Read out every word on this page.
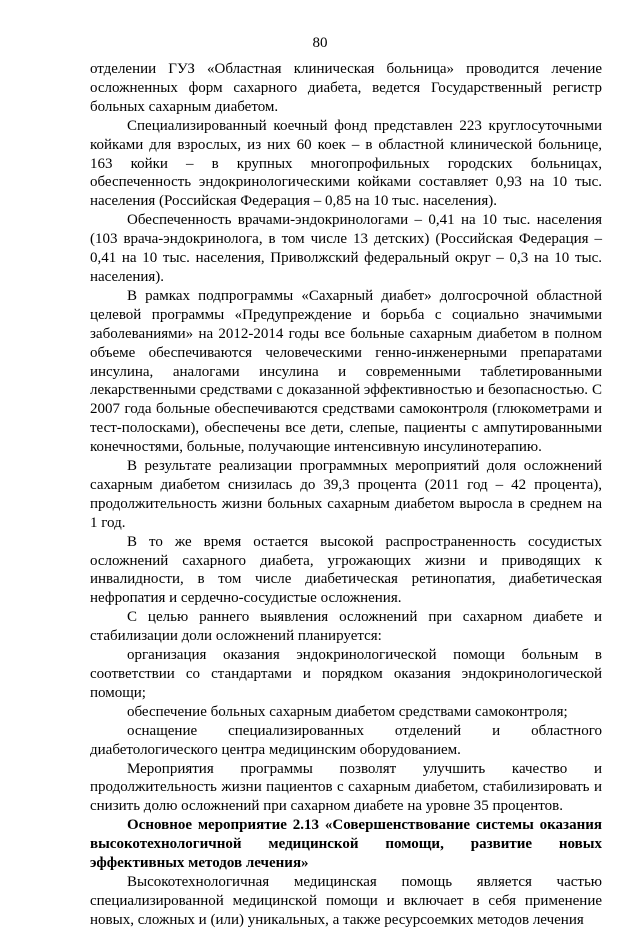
80

отделении ГУЗ «Областная клиническая больница» проводится лечение осложненных форм сахарного диабета, ведется Государственный регистр больных сахарным диабетом.

Специализированный коечный фонд представлен 223 круглосуточными койками для взрослых, из них 60 коек – в областной клинической больнице, 163 койки – в крупных многопрофильных городских больницах, обеспеченность эндокринологическими койками составляет 0,93 на 10 тыс. населения (Российская Федерация – 0,85 на 10 тыс. населения).

Обеспеченность врачами-эндокринологами – 0,41 на 10 тыс. населения (103 врача-эндокринолога, в том числе 13 детских) (Российская Федерация – 0,41 на 10 тыс. населения, Приволжский федеральный округ – 0,3 на 10 тыс. населения).

В рамках подпрограммы «Сахарный диабет» долгосрочной областной целевой программы «Предупреждение и борьба с социально значимыми заболеваниями» на 2012-2014 годы все больные сахарным диабетом в полном объеме обеспечиваются человеческими генно-инженерными препаратами инсулина, аналогами инсулина и современными таблетированными лекарственными средствами с доказанной эффективностью и безопасностью. С 2007 года больные обеспечиваются средствами самоконтроля (глюкометрами и тест-полосками), обеспечены все дети, слепые, пациенты с ампутированными конечностями, больные, получающие интенсивную инсулинотерапию.

В результате реализации программных мероприятий доля осложнений сахарным диабетом снизилась до 39,3 процента (2011 год – 42 процента), продолжительность жизни больных сахарным диабетом выросла в среднем на 1 год.

В то же время остается высокой распространенность сосудистых осложнений сахарного диабета, угрожающих жизни и приводящих к инвалидности, в том числе диабетическая ретинопатия, диабетическая нефропатия и сердечно-сосудистые осложнения.

С целью раннего выявления осложнений при сахарном диабете и стабилизации доли осложнений планируется:

организация оказания эндокринологической помощи больным в соответствии со стандартами и порядком оказания эндокринологической помощи;

обеспечение больных сахарным диабетом средствами самоконтроля;

оснащение специализированных отделений и областного диабетологического центра медицинским оборудованием.

Мероприятия программы позволят улучшить качество и продолжительность жизни пациентов с сахарным диабетом, стабилизировать и снизить долю осложнений при сахарном диабете на уровне 35 процентов.

Основное мероприятие 2.13 «Совершенствование системы оказания высокотехнологичной медицинской помощи, развитие новых эффективных методов лечения»

Высокотехнологичная медицинская помощь является частью специализированной медицинской помощи и включает в себя применение новых, сложных и (или) уникальных, а также ресурсоемких методов лечения
